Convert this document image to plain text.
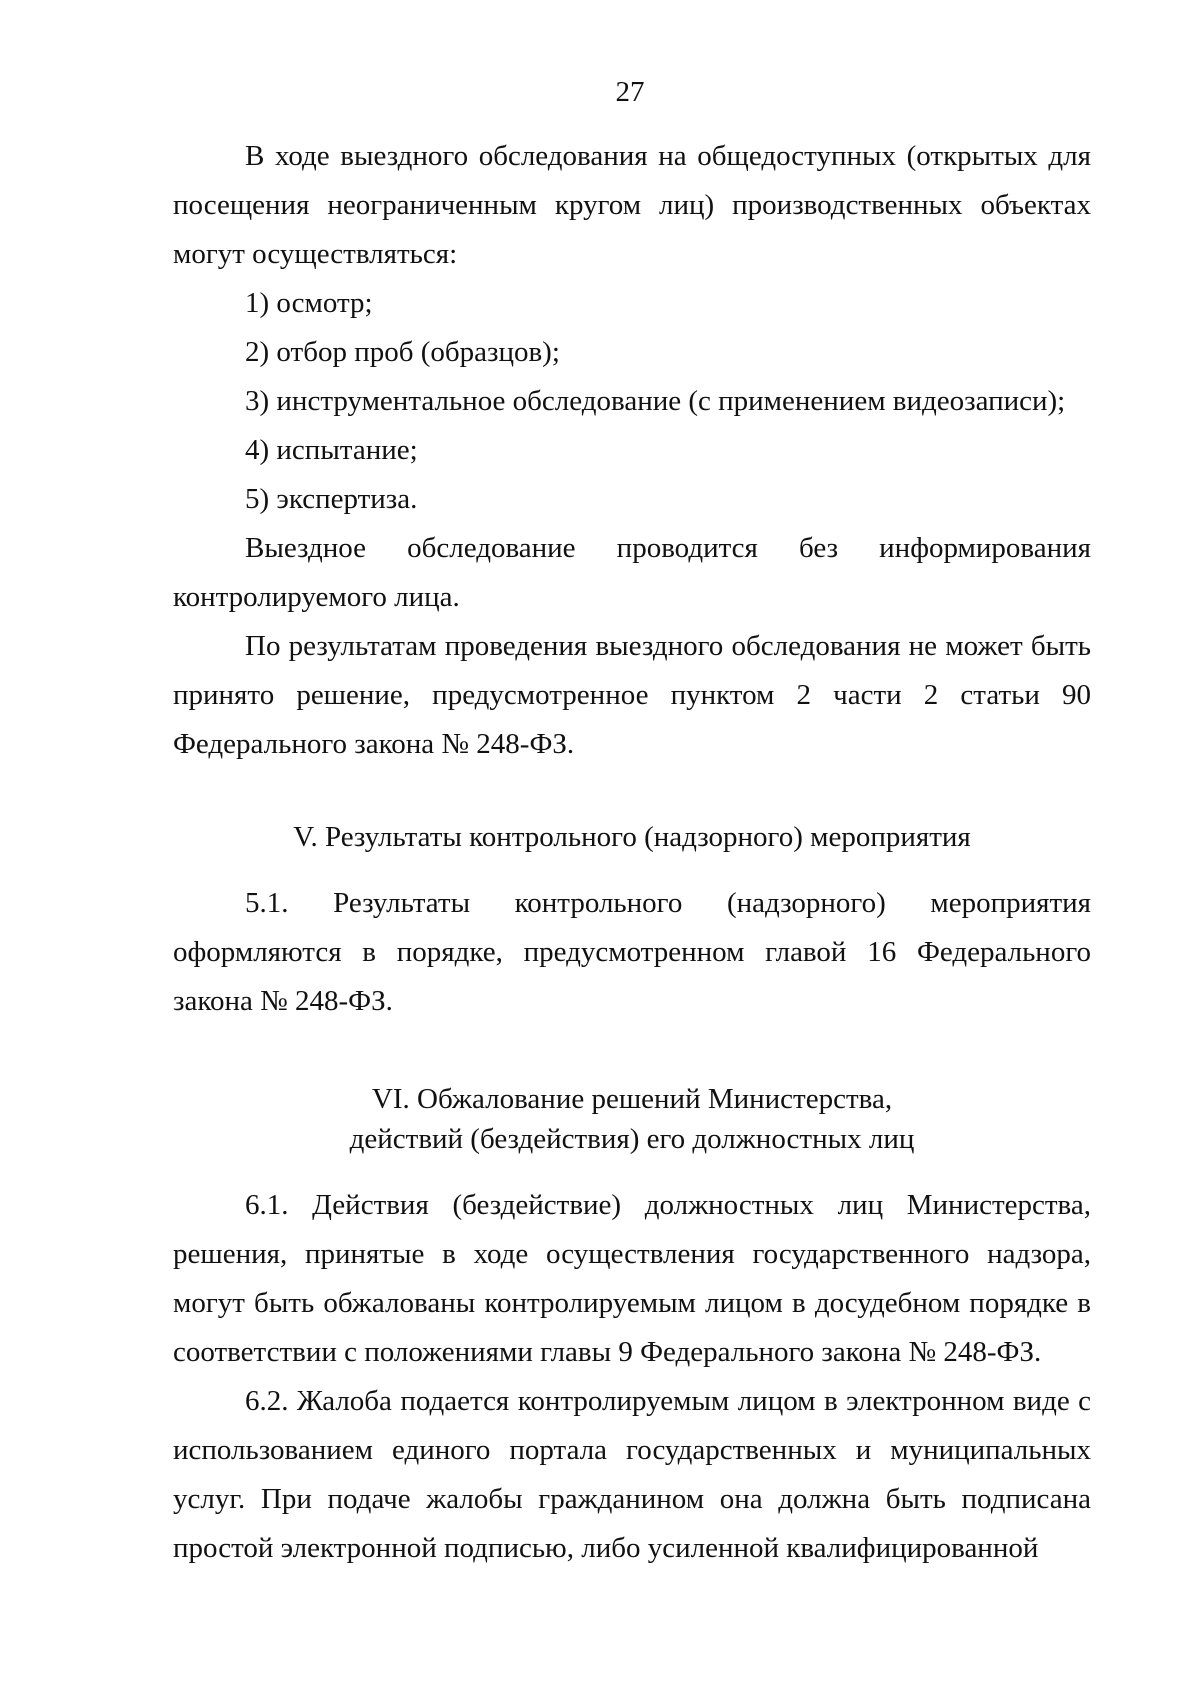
27

В ходе выездного обследования на общедоступных (открытых для посещения неограниченным кругом лиц) производственных объектах могут осуществляться:

1) осмотр;

2) отбор проб (образцов);

3) инструментальное обследование (с применением видеозаписи);

4) испытание;

5) экспертиза.

Выездное обследование проводится без информирования контролируемого лица.

По результатам проведения выездного обследования не может быть принято решение, предусмотренное пунктом 2 части 2 статьи 90 Федерального закона № 248-ФЗ.

V. Результаты контрольного (надзорного) мероприятия

5.1. Результаты контрольного (надзорного) мероприятия оформляются в порядке, предусмотренном главой 16 Федерального закона № 248-ФЗ.

VI. Обжалование решений Министерства,
действий (бездействия) его должностных лиц

6.1. Действия (бездействие) должностных лиц Министерства, решения, принятые в ходе осуществления государственного надзора, могут быть обжалованы контролируемым лицом в досудебном порядке в соответствии с положениями главы 9 Федерального закона № 248-ФЗ.

6.2. Жалоба подается контролируемым лицом в электронном виде с использованием единого портала государственных и муниципальных услуг. При подаче жалобы гражданином она должна быть подписана простой электронной подписью, либо усиленной квалифицированной
